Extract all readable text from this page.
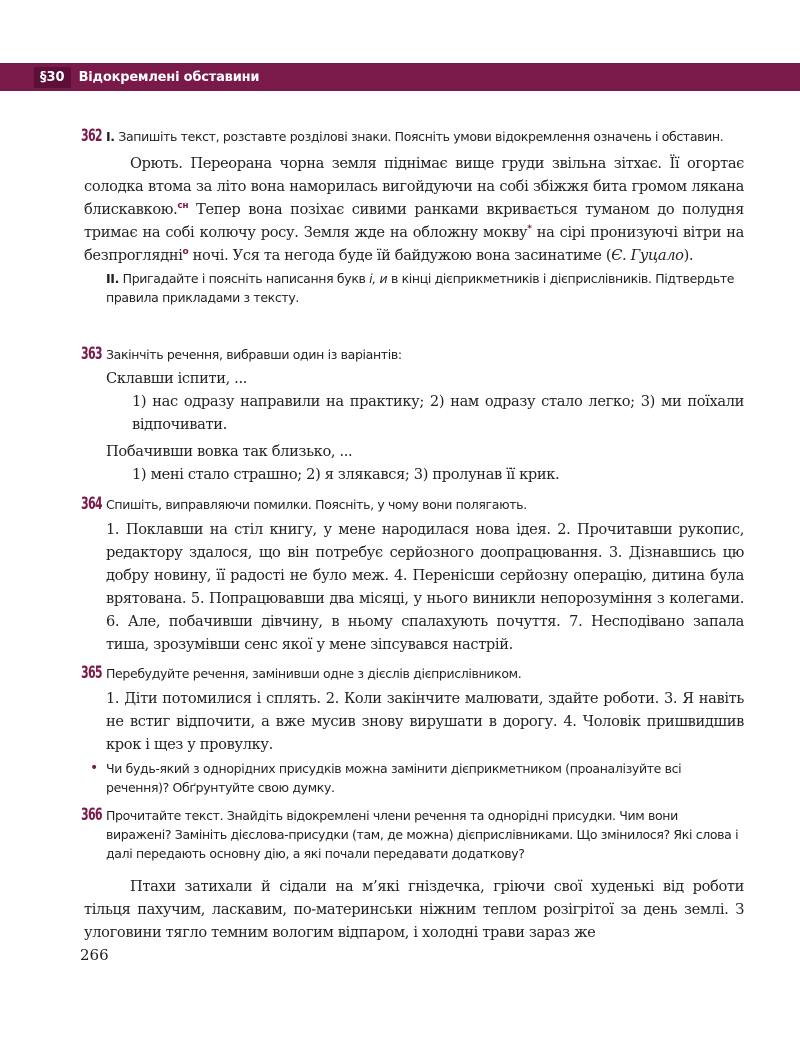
§30	Відокремлені обставини
362 I. Запишіть текст, розставте розділові знаки. Поясніть умови відокремлення означень і обставин.

Орють. Переорана чорна земля піднімає вище груди звільна зітхає. Її огортає солодка втома за літо вона наморилась вигойдуючи на собі збіжжя бита громом лякана блискавкою.$^{сн}$ Тепер вона позіхає сивими ранками вкривається туманом до полудня тримає на собі колючу росу. Земля жде на обложну мокву* на сірі пронизуючі вітри на безпроглядні$^о$ ночі. Уся та негода буде їй байдужою вона засинатиме (Є. Гуцало).

II. Пригадайте і поясніть написання букв і, и в кінці дієприкметників і дієприслівників. Підтвердьте правила прикладами з тексту.

363 Закінчіть речення, вибравши один із варіантів:

Склавши іспити, ...

1) нас одразу направили на практику; 2) нам одразу стало легко; 3) ми поїхали відпочивати.

Побачивши вовка так близько, ...

1) мені стало страшно; 2) я злякався; 3) пролунав її крик.

364 Спишіть, виправляючи помилки. Поясніть, у чому вони полягають.

1. Поклавши на стіл книгу, у мене народилася нова ідея. 2. Прочитавши рукопис, редактору здалося, що він потребує серйозного доопрацювання. 3. Дізнавшись цю добру новину, її радості не було меж. 4. Перенісши серйозну операцію, дитина була врятована. 5. Попрацювавши два місяці, у нього виникли непорозуміння з колегами. 6. Але, побачивши дівчину, в ньому спалахують почуття. 7. Несподівано запала тиша, зрозумівши сенс якої у мене зіпсувався настрій.

365 Перебудуйте речення, замінивши одне з дієслів дієприслівником.

1. Діти потомилися і сплять. 2. Коли закінчите малювати, здайте роботи. 3. Я навіть не встиг відпочити, а вже мусив знову вирушати в дорогу. 4. Чоловік пришвидшив крок і щез у провулку.

• Чи будь-який з однорідних присудків можна замінити дієприкметником (проаналізуйте всі речення)? Обґрунтуйте свою думку.
366 Прочитайте текст. Знайдіть відокремлені члени речення та однорідні присудки. Чим вони виражені? Замініть дієслова-присудки (там, де можна) дієприслівниками. Що змінилося? Які слова і далі передають основну дію, а які почали передавати додаткову?

Птахи затихали й сідали на м’які гніздечка, гріючи свої худенькі від роботи тільця пахучим, ласкавим, по-материнськи ніжним теплом розігрітої за день землі. З улоговини тягло темним вологим відпаром, і холодні трави зараз же

266
